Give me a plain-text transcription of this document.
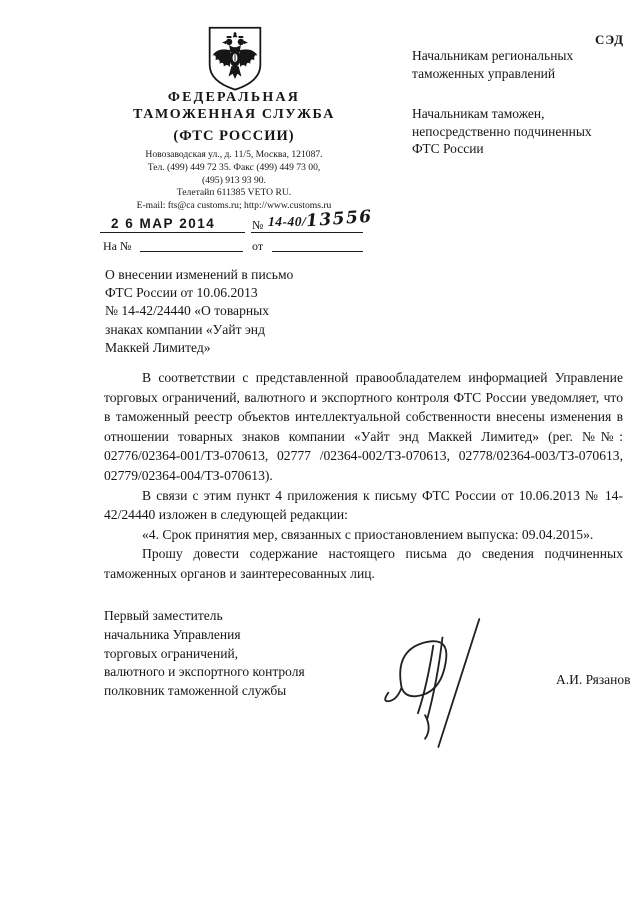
СЭД
ФЕДЕРАЛЬНАЯ
ТАМОЖЕННАЯ СЛУЖБА
(ФТС РОССИИ)
Новозаводская ул., д. 11/5, Москва, 121087.
Тел. (499) 449 72 35. Факс (499) 449 73 00,
(495) 913 93 90.
Телетайп 611385 VETO RU.
E-mail: fts@ca customs.ru; http://www.customs.ru
2 6 МАР 2014	№ 14-40/ 13556
На №	от
Начальникам региональных
таможенных управлений
Начальникам таможен,
непосредственно подчиненных
ФТС России
О внесении изменений в письмо
ФТС России от 10.06.2013
№ 14-42/24440 «О товарных
знаках компании «Уайт энд
Маккей Лимитед»

В соответствии с представленной правообладателем информацией Управление торговых ограничений, валютного и экспортного контроля ФТС России уведомляет, что в таможенный реестр объектов интеллектуальной собственности внесены изменения в отношении товарных знаков компании «Уайт энд Маккей Лимитед» (рег. №№: 02776/02364-001/ТЗ-070613, 02777 /02364-002/ТЗ-070613, 02778/02364-003/ТЗ-070613, 02779/02364-004/ТЗ-070613).

В связи с этим пункт 4 приложения к письму ФТС России от 10.06.2013 № 14-42/24440 изложен в следующей редакции:

«4. Срок принятия мер, связанных с приостановлением выпуска: 09.04.2015».

Прошу довести содержание настоящего письма до сведения подчиненных таможенных органов и заинтересованных лиц.

Первый заместитель
начальника Управления
торговых ограничений,
валютного и экспортного контроля
полковник таможенной службы
А.И. Рязанов
